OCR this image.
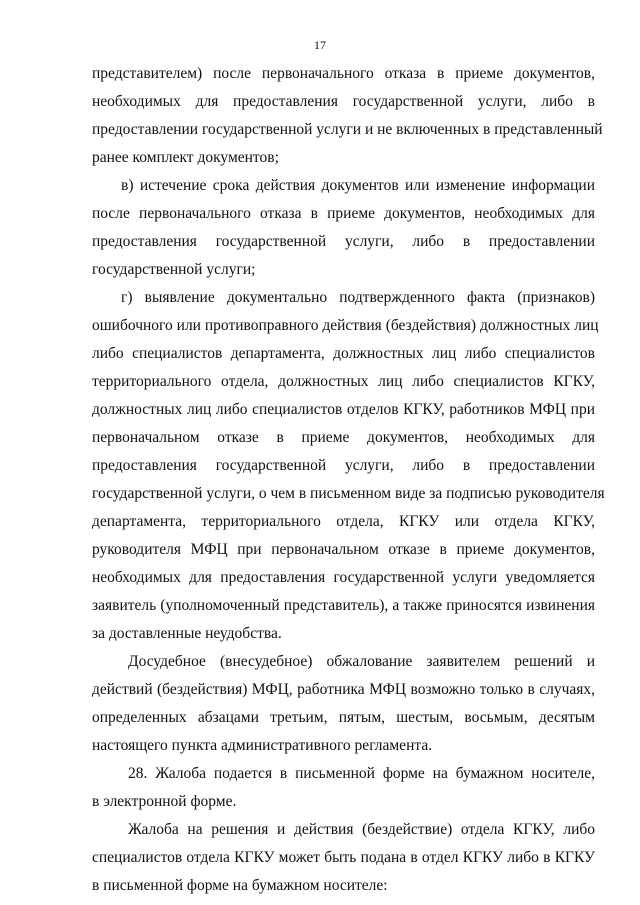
17
представителем) после первоначального отказа в приеме документов,
необходимых для предоставления государственной услуги, либо в
предоставлении государственной услуги и не включенных в представленный
ранее комплект документов;
в) истечение срока действия документов или изменение информации
после первоначального отказа в приеме документов, необходимых для
предоставления государственной услуги, либо в предоставлении
государственной услуги;
г) выявление документально подтвержденного факта (признаков)
ошибочного или противоправного действия (бездействия) должностных лиц
либо специалистов департамента, должностных лиц либо специалистов
территориального отдела, должностных лиц либо специалистов КГКУ,
должностных лиц либо специалистов отделов КГКУ, работников МФЦ при
первоначальном отказе в приеме документов, необходимых для
предоставления государственной услуги, либо в предоставлении
государственной услуги, о чем в письменном виде за подписью руководителя
департамента, территориального отдела, КГКУ или отдела КГКУ,
руководителя МФЦ при первоначальном отказе в приеме документов,
необходимых для предоставления государственной услуги уведомляется
заявитель (уполномоченный представитель), а также приносятся извинения
за доставленные неудобства.
Досудебное (внесудебное) обжалование заявителем решений и
действий (бездействия) МФЦ, работника МФЦ возможно только в случаях,
определенных абзацами третьим, пятым, шестым, восьмым, десятым
настоящего пункта административного регламента.
28. Жалоба подается в письменной форме на бумажном носителе,
в электронной форме.
Жалоба на решения и действия (бездействие) отдела КГКУ, либо
специалистов отдела КГКУ может быть подана в отдел КГКУ либо в КГКУ
в письменной форме на бумажном носителе:
